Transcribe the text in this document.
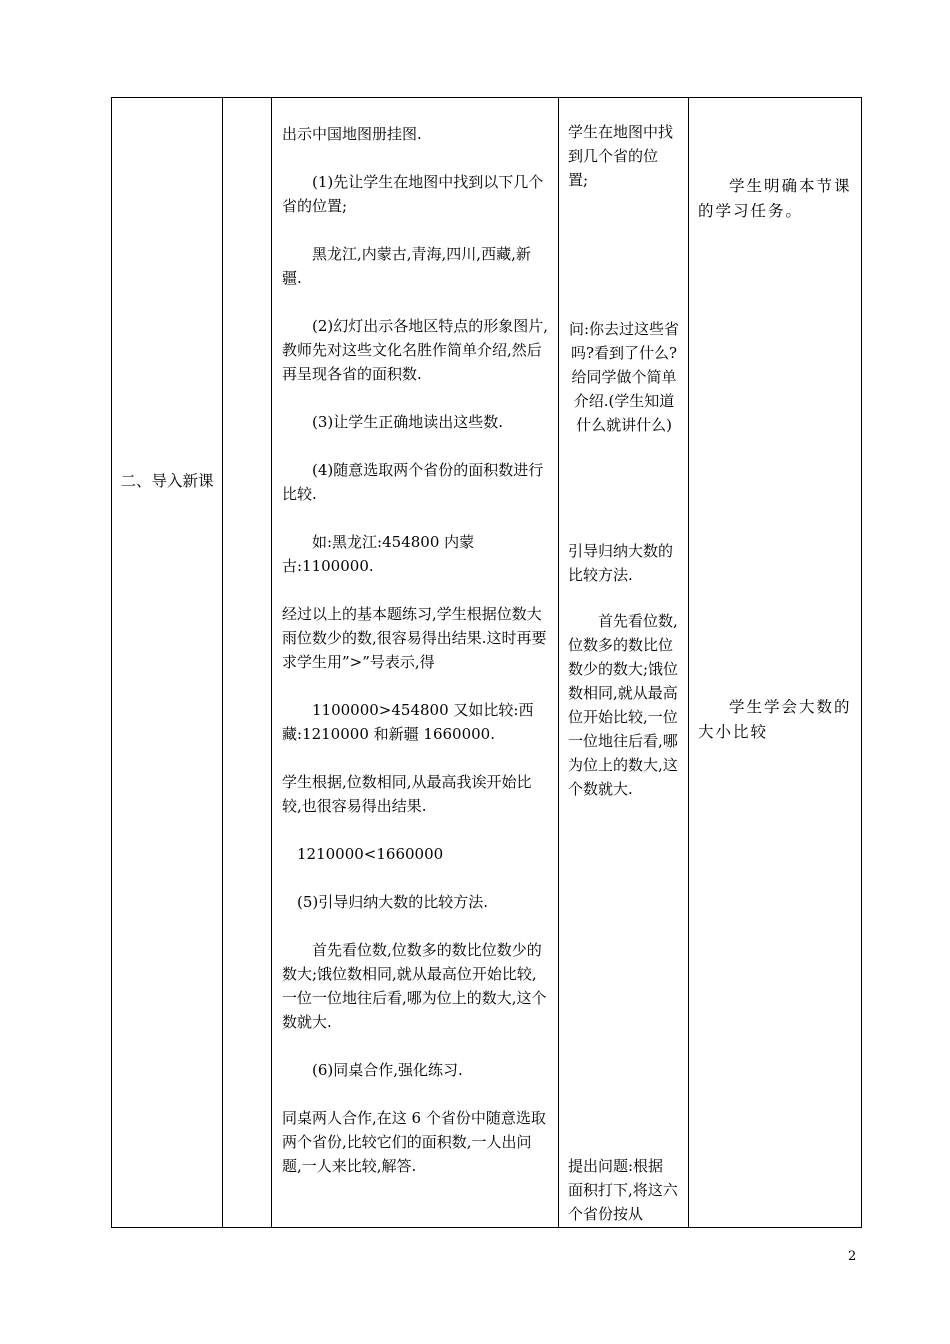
二、导入新课

出示中国地图册挂图.

(1)先让学生在地图中找到以下几个省的位置;

黑龙江,内蒙古,青海,四川,西藏,新疆.

(2)幻灯出示各地区特点的形象图片,教师先对这些文化名胜作简单介绍,然后再呈现各省的面积数.

(3)让学生正确地读出这些数.

(4)随意选取两个省份的面积数进行比较.

如:黑龙江:454800 内蒙古:1100000.

经过以上的基本题练习,学生根据位数大雨位数少的数,很容易得出结果.这时再要求学生用”>”号表示,得

1100000>454800 又如比较:西藏:1210000 和新疆 1660000.

学生根据,位数相同,从最高我诶开始比较,也很容易得出结果.

1210000<1660000

(5)引导归纳大数的比较方法.

首先看位数,位数多的数比位数少的数大;饿位数相同,就从最高位开始比较,一位一位地往后看,哪为位上的数大,这个数就大.

(6)同桌合作,强化练习.

同桌两人合作,在这 6 个省份中随意选取两个省份,比较它们的面积数,一人出问题,一人来比较,解答.

学生在地图中找到几个省的位置;
问:你去过这些省吗?看到了什么?给同学做个简单介绍.(学生知道什么就讲什么)
引导归纳大数的比较方法.
首先看位数,位数多的数比位数少的数大;饿位数相同,就从最高位开始比较,一位一位地往后看,哪为位上的数大,这个数就大.
提出问题:根据面积打下,将这六个省份按从
学生明确本节课的学习任务。
学生学会大数的大小比较
2
